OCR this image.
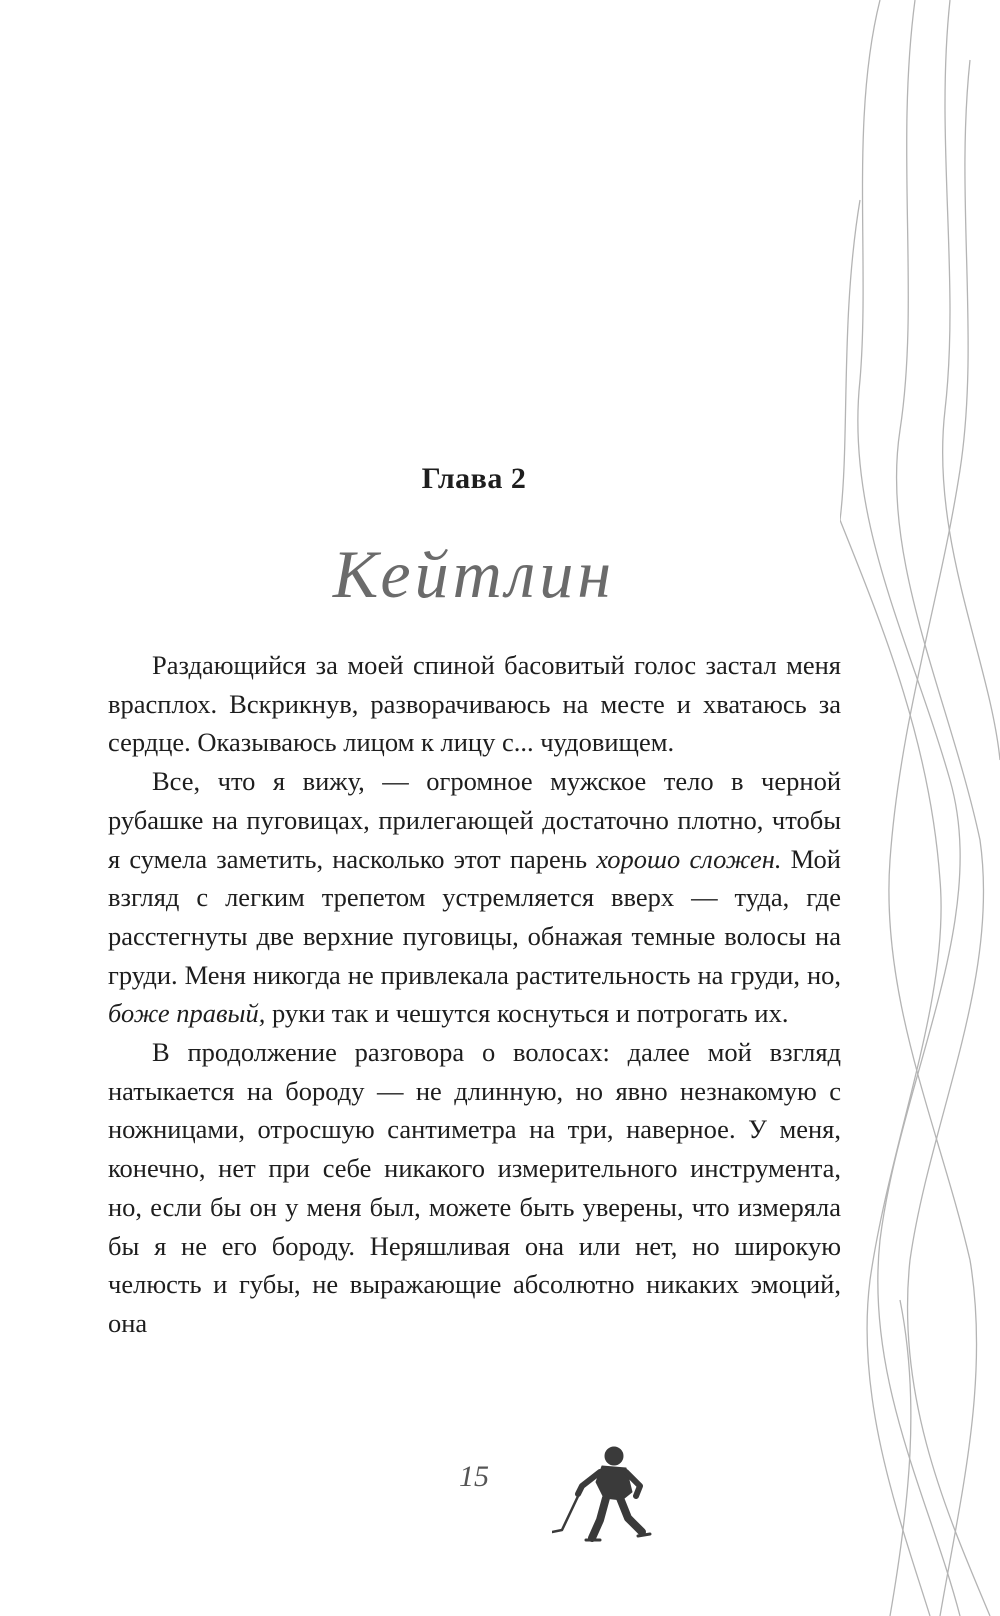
Глава 2
Кейтлин

Раздающийся за моей спиной басовитый голос застал меня врасплох. Вскрикнув, разворачиваюсь на месте и хватаюсь за сердце. Оказываюсь лицом к лицу с... чудовищем.

Все, что я вижу, — огромное мужское тело в черной рубашке на пуговицах, прилегающей достаточно плотно, чтобы я сумела заметить, насколько этот парень хорошо сложен. Мой взгляд с легким трепетом устремляется вверх — туда, где расстегнуты две верхние пуговицы, обнажая темные волосы на груди. Меня никогда не привлекала растительность на груди, но, боже правый, руки так и чешутся коснуться и потрогать их.

В продолжение разговора о волосах: далее мой взгляд натыкается на бороду — не длинную, но явно незнакомую с ножницами, отросшую сантиметра на три, наверное. У меня, конечно, нет при себе никакого измерительного инструмента, но, если бы он у меня был, можете быть уверены, что измеряла бы я не его бороду. Неряшливая она или нет, но широкую челюсть и губы, не выражающие абсолютно никаких эмоций, она

15
